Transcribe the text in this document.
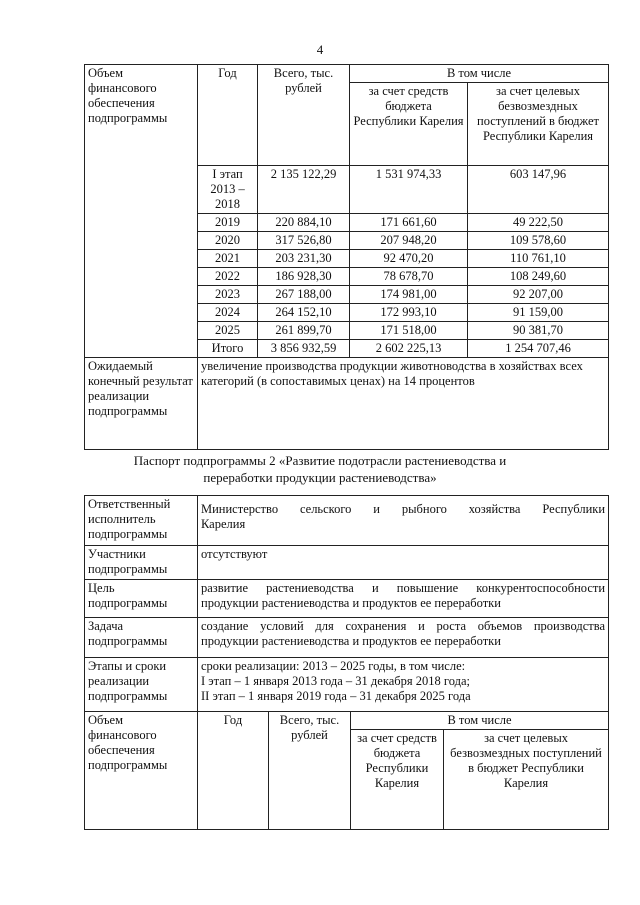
4
Объем финансового обеспечения подпрограммы	Год	Всего, тыс. рублей	В том числе	
			за счет средств бюджета Республики Карелия	за счет целевых безвозмездных поступлений в бюджет Республики Карелия
	I этап 2013 – 2018	2 135 122,29	1 531 974,33	603 147,96
	2019	220 884,10	171 661,60	49 222,50
	2020	317 526,80	207 948,20	109 578,60
	2021	203 231,30	92 470,20	110 761,10
	2022	186 928,30	78 678,70	108 249,60
	2023	267 188,00	174 981,00	92 207,00
	2024	264 152,10	172 993,10	91 159,00
	2025	261 899,70	171 518,00	90 381,70
	Итого	3 856 932,59	2 602 225,13	1 254 707,46
Ожидаемый конечный результат реализации подпрограммы	увеличение производства продукции животноводства в хозяйствах всех категорий (в сопоставимых ценах) на 14 процентов			
Паспорт подпрограммы 2 «Развитие подотрасли растениеводства и переработки продукции растениеводства»
Ответственный исполнитель подпрограммы	Министерство сельского и рыбного хозяйства Республики
Карелия			

Участники подпрограммы	отсутствуют			
Цель подпрограммы	развитие растениеводства и повышение конкурентоспособности продукции растениеводства и продуктов ее переработки			
Задача подпрограммы	создание условий для сохранения и роста объемов производства продукции растениеводства и продуктов ее переработки			
Этапы и сроки реализации подпрограммы	сроки реализации: 2013 – 2025 годы, в том числе:
I этап – 1 января 2013 года – 31 декабря 2018 года;
II этап – 1 января 2019 года – 31 декабря 2025 года			

Объем финансового обеспечения подпрограммы	Год	Всего, тыс. рублей	В том числе	
			за счет средств бюджета Республики Карелия	за счет целевых безвозмездных поступлений в бюджет Республики Карелия
